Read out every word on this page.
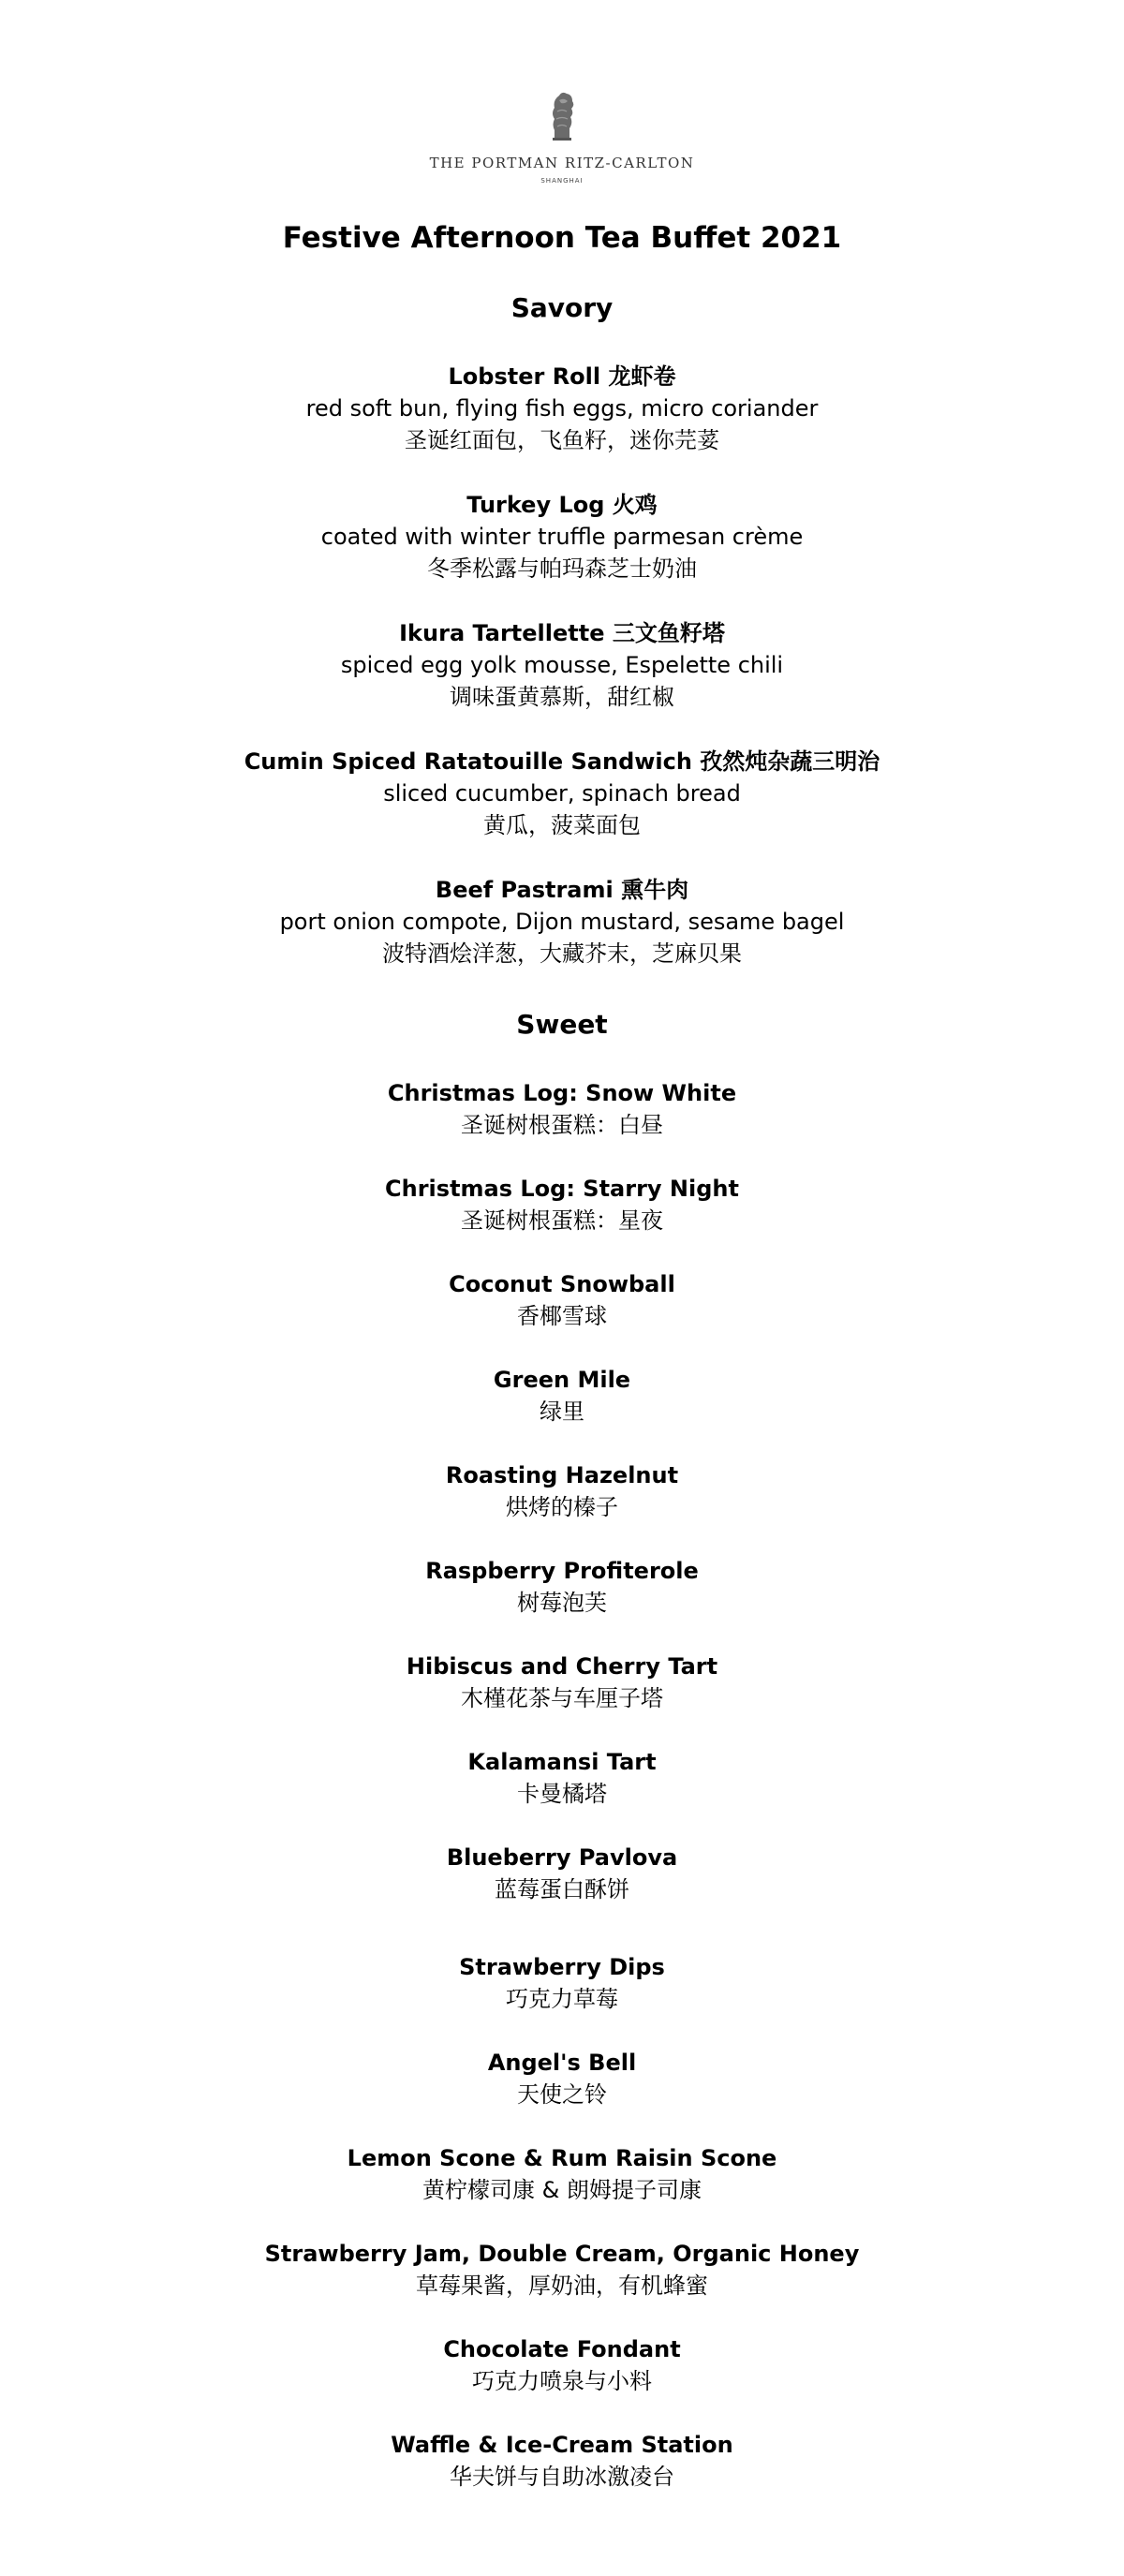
THE PORTMAN RITZ-CARLTON
SHANGHAI
Festive Afternoon Tea Buffet 2021
Savory
Lobster Roll 龙虾卷
red soft bun, flying fish eggs, micro coriander
圣诞红面包，飞鱼籽，迷你芫荽
Turkey Log 火鸡
coated with winter truffle parmesan crème
冬季松露与帕玛森芝士奶油
Ikura Tartellette 三文鱼籽塔
spiced egg yolk mousse, Espelette chili
调味蛋黄慕斯，甜红椒
Cumin Spiced Ratatouille Sandwich 孜然炖杂蔬三明治
sliced cucumber, spinach bread
黄瓜，菠菜面包
Beef Pastrami 熏牛肉
port onion compote, Dijon mustard, sesame bagel
波特酒烩洋葱，大藏芥末，芝麻贝果
Sweet
Christmas Log: Snow White
圣诞树根蛋糕：白昼
Christmas Log: Starry Night
圣诞树根蛋糕：星夜
Coconut Snowball
香椰雪球
Green Mile
绿里
Roasting Hazelnut
烘烤的榛子
Raspberry Profiterole
树莓泡芙
Hibiscus and Cherry Tart
木槿花茶与车厘子塔
Kalamansi Tart
卡曼橘塔
Blueberry Pavlova
蓝莓蛋白酥饼
Strawberry Dips
巧克力草莓
Angel's Bell
天使之铃
Lemon Scone & Rum Raisin Scone
黄柠檬司康 & 朗姆提子司康
Strawberry Jam, Double Cream, Organic Honey
草莓果酱，厚奶油，有机蜂蜜
Chocolate Fondant
巧克力喷泉与小料
Waffle & Ice-Cream Station
华夫饼与自助冰激凌台
